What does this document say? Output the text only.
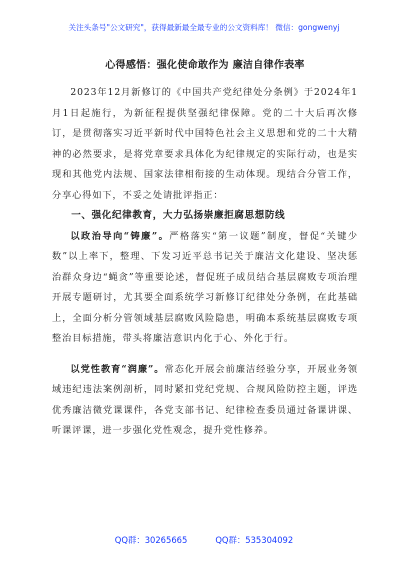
关注头条号"公文研究"，获得最新最全最专业的公文资料库！ 微信：gongwenyj
心得感悟：强化使命敢作为 廉洁自律作表率

2023年12月新修订的《中国共产党纪律处分条例》于2024年1月1日起施行，为新征程提供坚强纪律保障。党的二十大后再次修订，是贯彻落实习近平新时代中国特色社会主义思想和党的二十大精神的必然要求，是将党章要求具体化为纪律规定的实际行动，也是实现和其他党内法规、国家法律相衔接的生动体现。现结合分管工作，分享心得如下，不妥之处请批评指正：

一、强化纪律教育，大力弘扬崇廉拒腐思想防线

以政治导向“铸廉”。严格落实“第一议题”制度，督促“关键少数”以上率下，整理、下发习近平总书记关于廉洁文化建设、坚决惩治群众身边“蝇贪”等重要论述，督促班子成员结合基层腐败专项治理开展专题研讨，尤其要全面系统学习新修订纪律处分条例，在此基础上，全面分析分管领域基层腐败风险隐患，明确本系统基层腐败专项整治目标措施，带头将廉洁意识内化于心、外化于行。

以党性教育“润廉”。常态化开展会前廉洁经验分享，开展业务领域违纪违法案例剖析，同时紧扣党纪党规、合规风险防控主题，评选优秀廉洁微党课课件，各党支部书记、纪律检查委员通过备课讲课、听课评课，进一步强化党性观念，提升党性修养。

QQ群：30265665	QQ群：535304092
